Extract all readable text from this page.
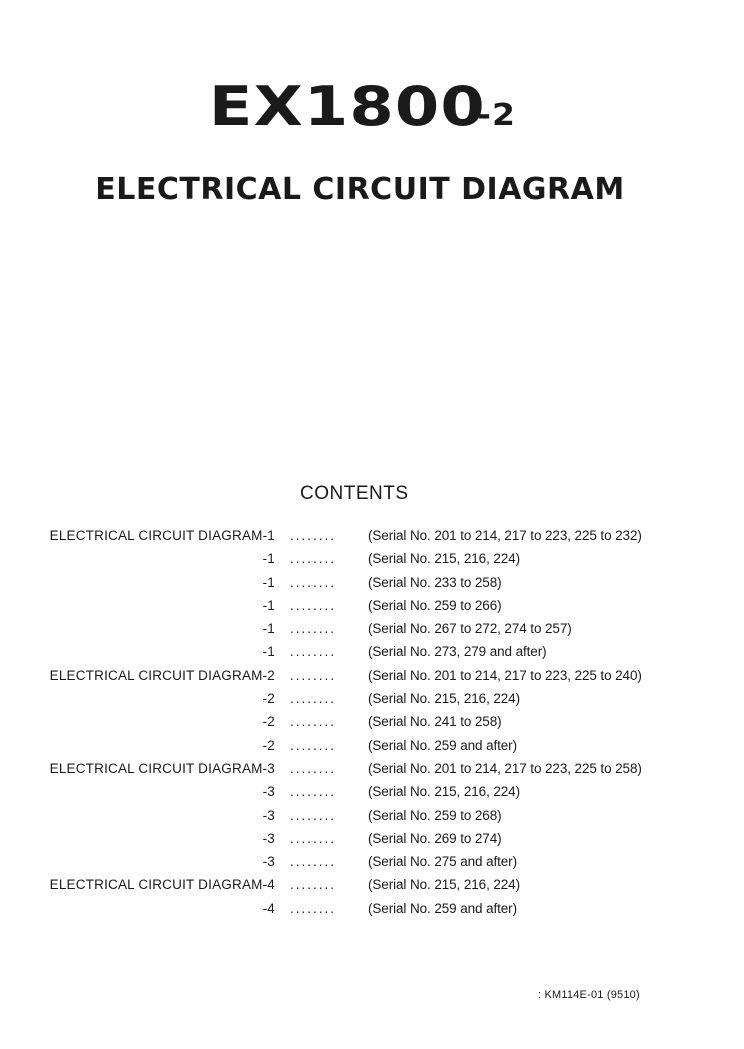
EX1800-2
ELECTRICAL CIRCUIT DIAGRAM
CONTENTS
ELECTRICAL CIRCUIT DIAGRAM-1 ........ (Serial No. 201 to 214, 217 to 223, 225 to 232)
-1 ........ (Serial No. 215, 216, 224)
-1 ........ (Serial No. 233 to 258)
-1 ........ (Serial No. 259 to 266)
-1 ........ (Serial No. 267 to 272, 274 to 257)
-1 ........ (Serial No. 273, 279 and after)
ELECTRICAL CIRCUIT DIAGRAM-2 ........ (Serial No. 201 to 214, 217 to 223, 225 to 240)
-2 ........ (Serial No. 215, 216, 224)
-2 ........ (Serial No. 241 to 258)
-2 ........ (Serial No. 259 and after)
ELECTRICAL CIRCUIT DIAGRAM-3 ........ (Serial No. 201 to 214, 217 to 223, 225 to 258)
-3 ........ (Serial No. 215, 216, 224)
-3 ........ (Serial No. 259 to 268)
-3 ........ (Serial No. 269 to 274)
-3 ........ (Serial No. 275 and after)
ELECTRICAL CIRCUIT DIAGRAM-4 ........ (Serial No. 215, 216, 224)
-4 ........ (Serial No. 259 and after)
: KM114E-01 (9510)
